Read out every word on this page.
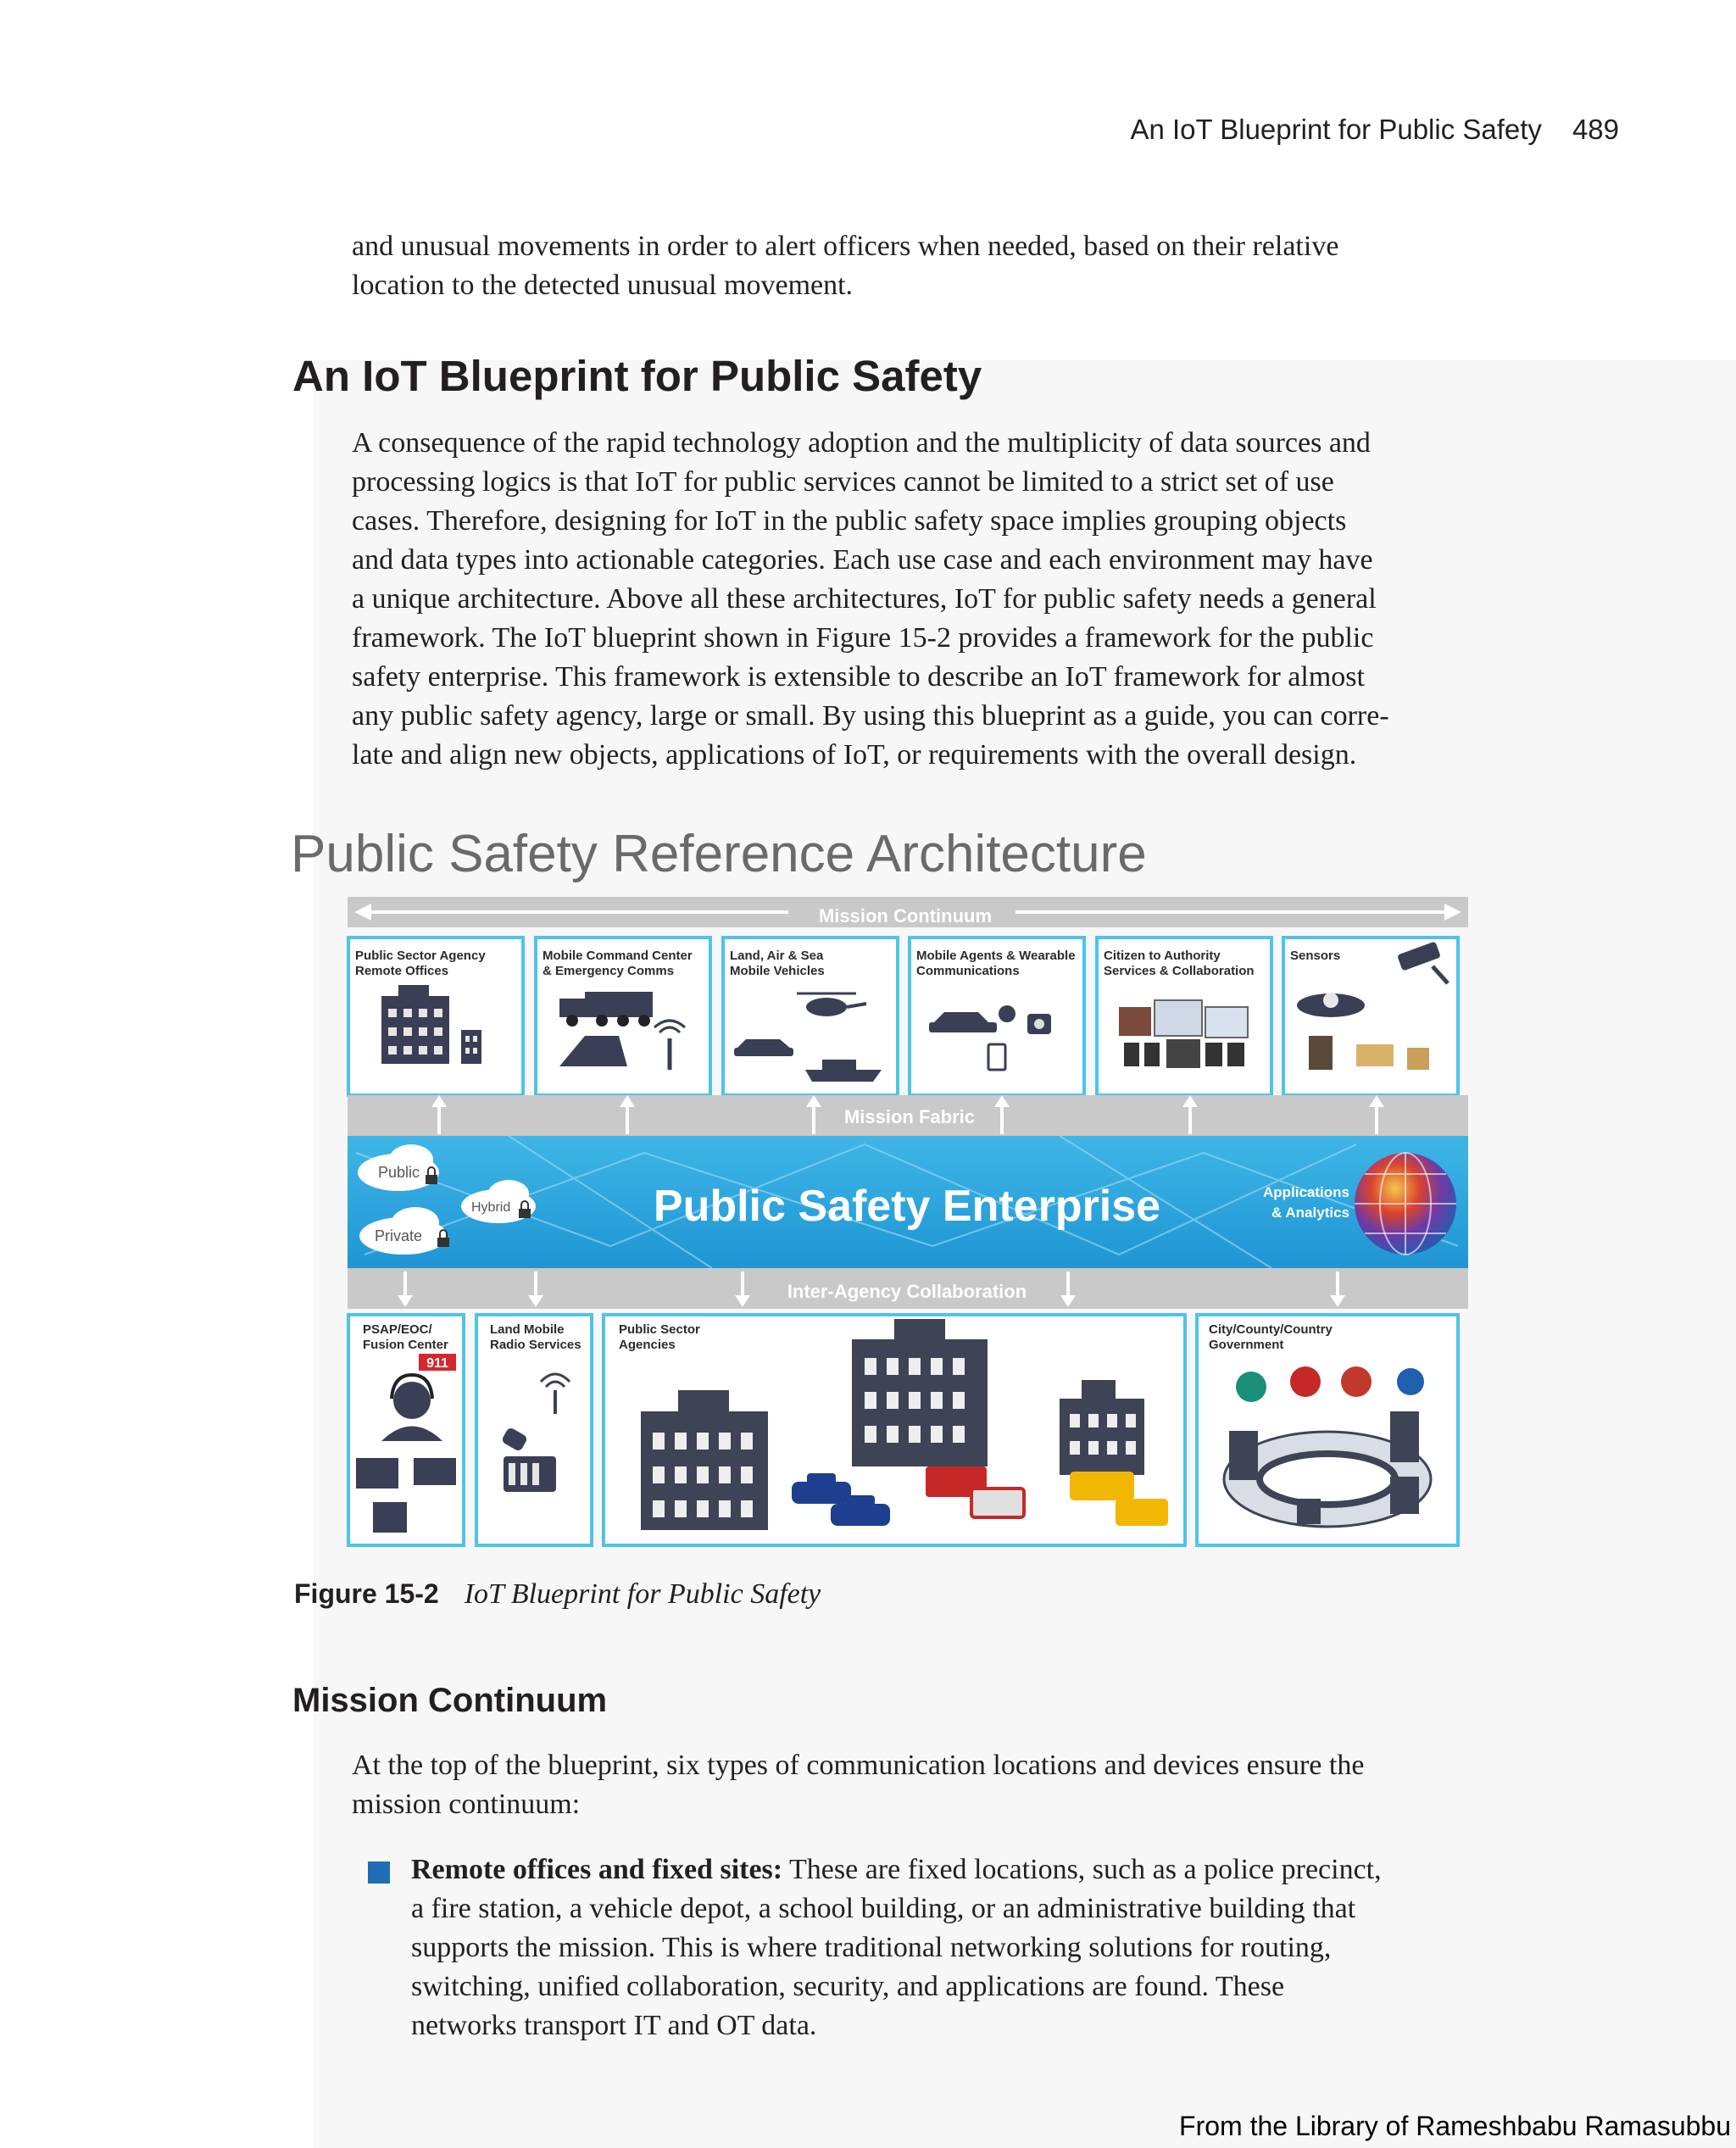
An IoT Blueprint for Public Safety 489
and unusual movements in order to alert officers when needed, based on their relative
location to the detected unusual movement.
An IoT Blueprint for Public Safety
A consequence of the rapid technology adoption and the multiplicity of data sources and
processing logics is that IoT for public services cannot be limited to a strict set of use
cases. Therefore, designing for IoT in the public safety space implies grouping objects
and data types into actionable categories. Each use case and each environment may have
a unique architecture. Above all these architectures, IoT for public safety needs a general
framework. The IoT blueprint shown in Figure 15-2 provides a framework for the public
safety enterprise. This framework is extensible to describe an IoT framework for almost
any public safety agency, large or small. By using this blueprint as a guide, you can corre-
late and align new objects, applications of IoT, or requirements with the overall design.
Public Safety Reference Architecture
Mission Continuum
Public Sector Agency
Remote Offices
Mobile Command Center
& Emergency Comms
Land, Air & Sea
Mobile Vehicles
Mobile Agents & Wearable
Communications
Citizen to Authority
Services & Collaboration
Sensors
Mission Fabric
Public Safety Enterprise
Public
Hybrid
Private
Applications
& Analytics
Inter-Agency Collaboration
PSAP/EOC/
Fusion Center
911
Land Mobile
Radio Services
Public Sector
Agencies
City/County/Country
Government
Figure 15-2 IoT Blueprint for Public Safety
Mission Continuum
At the top of the blueprint, six types of communication locations and devices ensure the
mission continuum:
Remote offices and fixed sites: These are fixed locations, such as a police precinct,
a fire station, a vehicle depot, a school building, or an administrative building that
supports the mission. This is where traditional networking solutions for routing,
switching, unified collaboration, security, and applications are found. These
networks transport IT and OT data.
From the Library of Rameshbabu Ramasubbu
